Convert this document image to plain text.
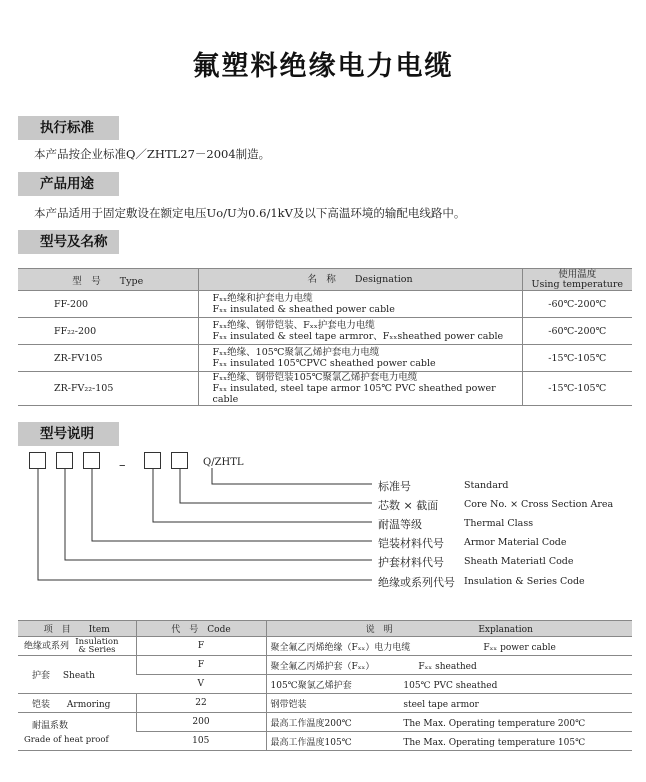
氟塑料绝缘电力电缆
执行标准
本产品按企业标准Q／ZHTL27－2004制造。
产品用途
本产品适用于固定敷设在额定电压Uo/U为0.6/1kV及以下高温环境的输配电线路中。
型号及名称
型　号　　Type	名　称　　Designation	使用温度
Using temperature

FF-200	Fₓₓ绝缘和护套电力电缆
Fₓₓ insulated & sheathed power cable	-60℃-200℃
FF₂₂-200	Fₓₓ绝缘、钢带铠装、Fₓₓ护套电力电缆
Fₓₓ insulated & steel tape armror、Fₓₓsheathed power cable	-60℃-200℃
ZR-FV105	Fₓₓ绝缘、105℃聚氯乙烯护套电力电缆
Fₓₓ insulated 105℃PVC sheathed power cable	-15℃-105℃
ZR-FV₂₂-105	Fₓₓ绝缘、钢带铠装105℃聚氯乙烯护套电力电缆
Fₓₓ insulated, steel tape armor 105℃ PVC sheathed power cable	-15℃-105℃
型号说明
–	Q/ZHTL
标准号	Standard
芯数 × 截面	Core No. × Cross Section Area
耐温等级	Thermal Class
铠装材料代号 Armor Material Code
护套材料代号 Sheath Materiatl Code
绝缘或系列代号 Insulation & Series Code
项　目　　Item	代　号　Code	说　明 Explanation
绝缘或系列 Insulation & Series	F	聚全氟乙丙烯绝缘（Fₓₓ）电力电缆 Fₓₓ power cable
护套 Sheath	F	聚全氟乙丙烯护套（Fₓₓ） Fₓₓ sheathed
	V	105℃聚氯乙烯护套 105℃ PVC sheathed
铠装 Armoring	22	钢带铠装 steel tape armor

耐温系数
Grade of heat proof	200	最高工作温度200℃ The Max. Operating temperature 200℃
	105	最高工作温度105℃ The Max. Operating temperature 105℃
